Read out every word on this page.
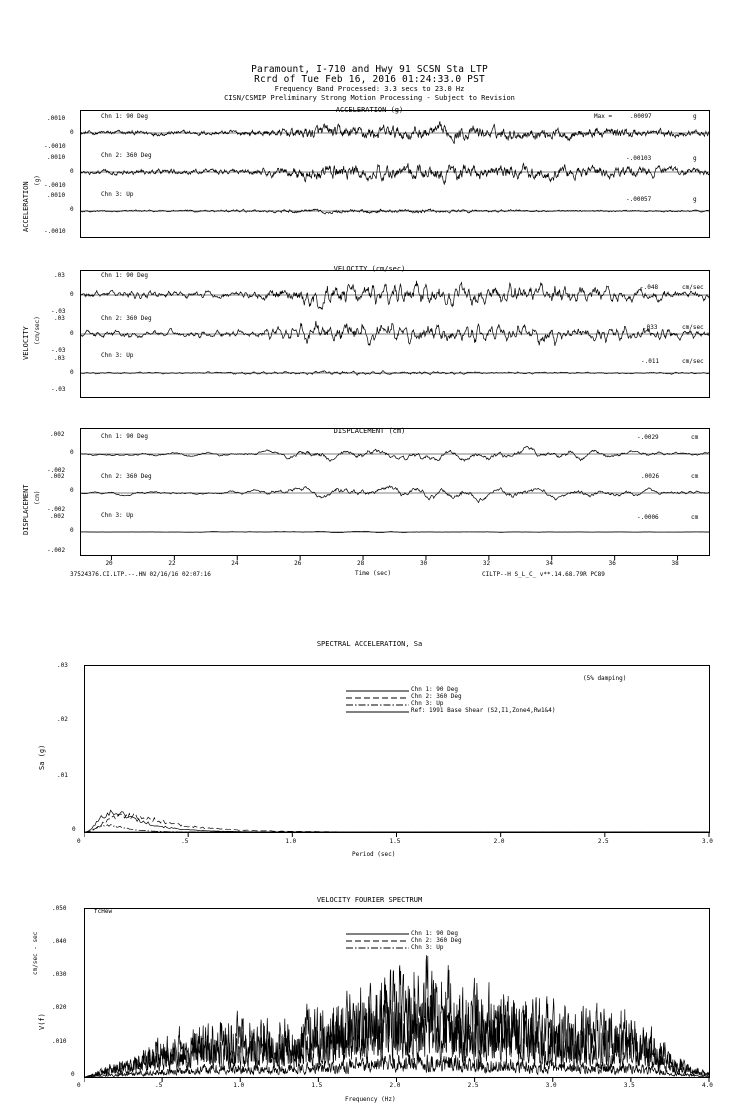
Paramount, I-710 and Hwy 91 SCSN Sta LTP
Rcrd of Tue Feb 16, 2016 01:24:33.0 PST
Frequency Band Processed: 3.3 secs to 23.0 Hz
CISN/CSMIP Preliminary Strong Motion Processing - Subject to Revision
ACCELERATION (g)
ACCELERATION
(g)
.0010
0
-.0010
.0010
0
-.0010
.0010
0
-.0010
Chn 1: 90 Deg
Chn 2: 360 Deg
Chn 3: Up
Max =	.00097	g
-.00103	g
-.00057	g
VELOCITY (cm/sec)
VELOCITY (cm/sec)
.03
0
-.03
.03
0
-.03
.03
0
-.03
Chn 1: 90 Deg
Chn 2: 360 Deg
Chn 3: Up
-.048	cm/sec
.033	cm/sec
-.011	cm/sec
DISPLACEMENT (cm)
DISPLACEMENT (cm)
.002
0
-.002
.002
0
-.002
.002
0
-.002
Chn 1: 90 Deg
Chn 2: 360 Deg
Chn 3: Up
-.0029	cm
.0026	cm
-.0006	cm
20	22	24	26	28	30	32	34	36	38
Time (sec)
37524376.CI.LTP.--.HN 02/16/16 02:07:16	CILTP--H S_L_C_ v**.14.68.79R PC89
SPECTRAL ACCELERATION, Sa
Sa (g)
.03
.02
.01
0
(5% damping)
Chn 1: 90 Deg
Chn 2: 360 Deg
Chn 3: Up
Ref: 1991 Base Shear (S2,I1,Zone4,Rw1&4)
0	.5	1.0	1.5	2.0	2.5	3.0
Period (sec)
VELOCITY FOURIER SPECTRUM
V(f)
cm/sec - sec
fcHew
.050
.040
.030
.020
.010
0
Chn 1: 90 Deg
Chn 2: 360 Deg
Chn 3: Up
0	.5	1.0	1.5	2.0	2.5	3.0	3.5	4.0
Frequency (Hz)
